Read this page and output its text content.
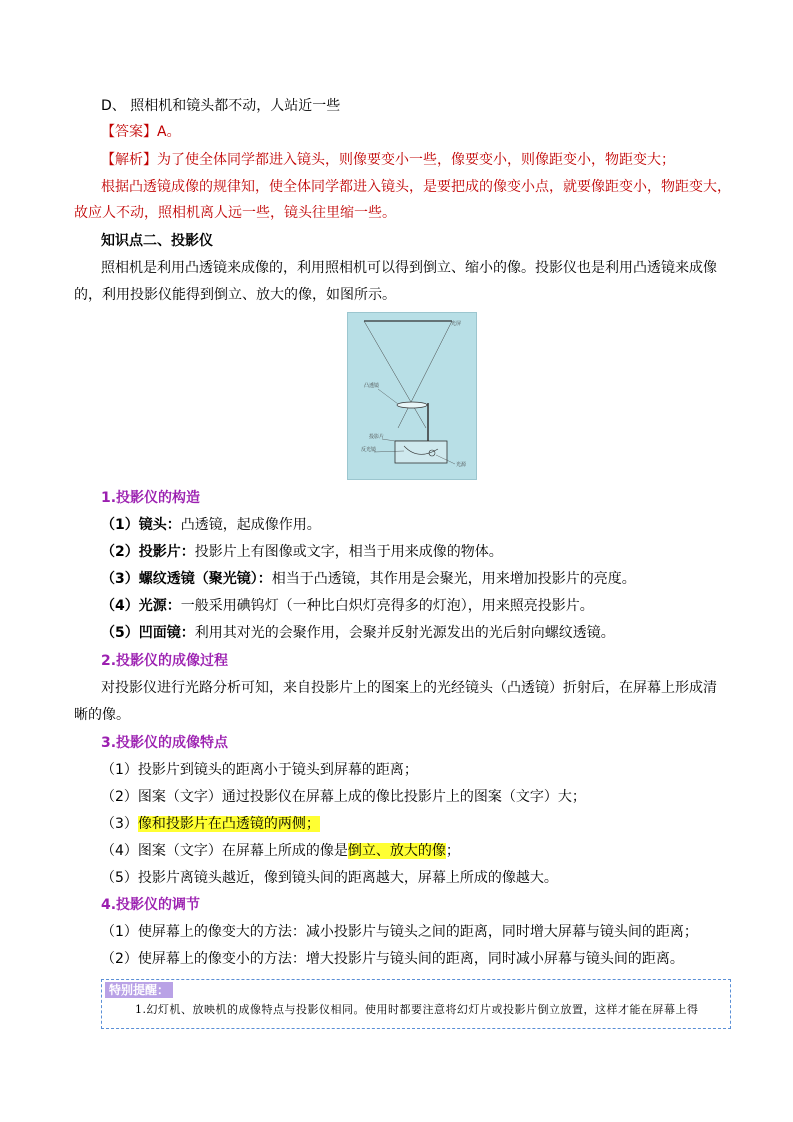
D、 照相机和镜头都不动，人站近一些
【答案】A。
【解析】为了使全体同学都进入镜头，则像要变小一些，像要变小，则像距变小，物距变大；
根据凸透镜成像的规律知，使全体同学都进入镜头，是要把成的像变小点，就要像距变小，物距变大，
故应人不动，照相机离人远一些，镜头往里缩一些。
知识点二、投影仪
照相机是利用凸透镜来成像的，利用照相机可以得到倒立、缩小的像。投影仪也是利用凸透镜来成像
的，利用投影仪能得到倒立、放大的像，如图所示。
光屏
凸透镜
投影片
反光镜
光源
1.投影仪的构造
（1）镜头：凸透镜，起成像作用。
（2）投影片：投影片上有图像或文字，相当于用来成像的物体。
（3）螺纹透镜（聚光镜）：相当于凸透镜，其作用是会聚光，用来增加投影片的亮度。
（4）光源：一般采用碘钨灯（一种比白炽灯亮得多的灯泡），用来照亮投影片。
（5）凹面镜：利用其对光的会聚作用，会聚并反射光源发出的光后射向螺纹透镜。
2.投影仪的成像过程
对投影仪进行光路分析可知，来自投影片上的图案上的光经镜头（凸透镜）折射后，在屏幕上形成清
晰的像。
3.投影仪的成像特点
（1）投影片到镜头的距离小于镜头到屏幕的距离；
（2）图案（文字）通过投影仪在屏幕上成的像比投影片上的图案（文字）大；
（3）像和投影片在凸透镜的两侧；
（4）图案（文字）在屏幕上所成的像是倒立、放大的像；
（5）投影片离镜头越近，像到镜头间的距离越大，屏幕上所成的像越大。
4.投影仪的调节
（1）使屏幕上的像变大的方法：减小投影片与镜头之间的距离，同时增大屏幕与镜头间的距离；
（2）使屏幕上的像变小的方法：增大投影片与镜头间的距离，同时减小屏幕与镜头间的距离。
特别提醒：
1.幻灯机、放映机的成像特点与投影仪相同。使用时都要注意将幻灯片或投影片倒立放置，这样才能在屏幕上得
